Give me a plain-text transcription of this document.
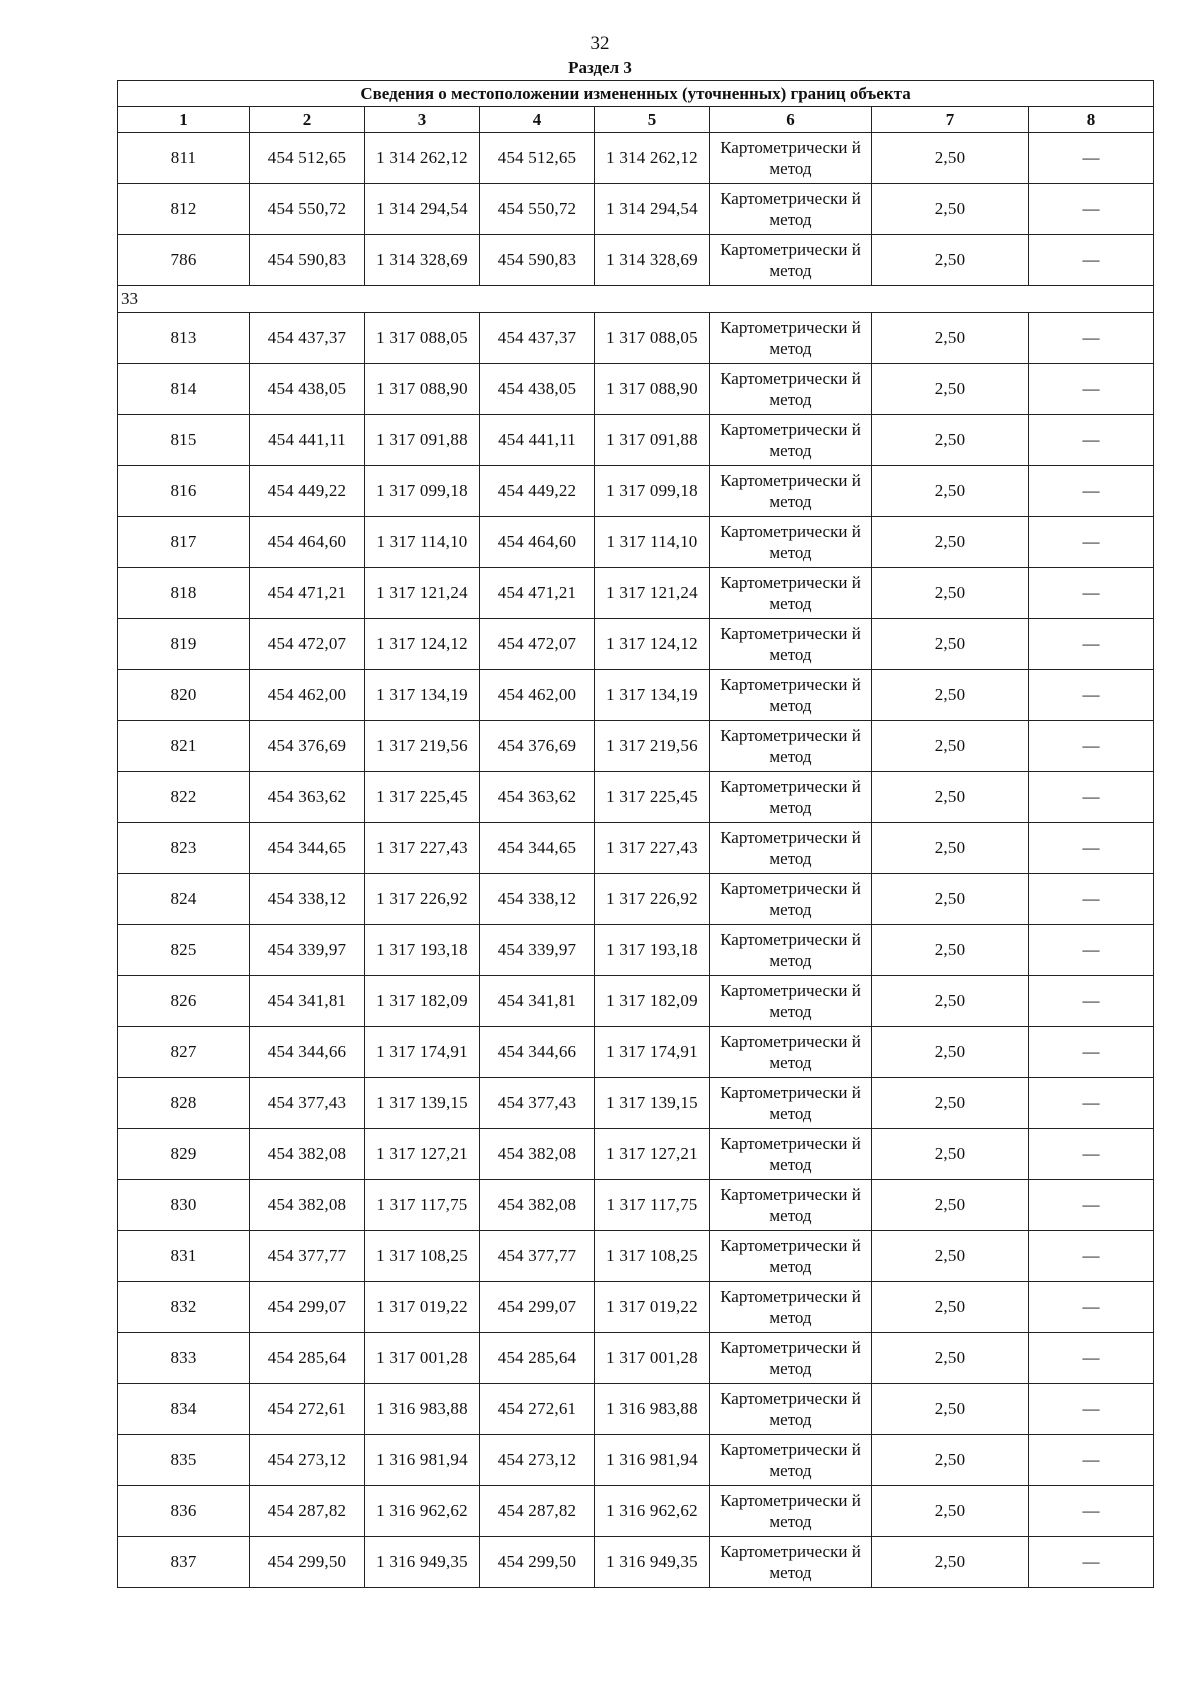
32
Раздел 3
Сведения о местоположении измененных (уточненных) границ объекта							
1	2	3	4	5	6	7	8
811	454 512,65	1 314 262,12	454 512,65	1 314 262,12	Картометрически й метод	2,50	—
812	454 550,72	1 314 294,54	454 550,72	1 314 294,54	Картометрически й метод	2,50	—
786	454 590,83	1 314 328,69	454 590,83	1 314 328,69	Картометрически й метод	2,50	—
33							
813	454 437,37	1 317 088,05	454 437,37	1 317 088,05	Картометрически й метод	2,50	—
814	454 438,05	1 317 088,90	454 438,05	1 317 088,90	Картометрически й метод	2,50	—
815	454 441,11	1 317 091,88	454 441,11	1 317 091,88	Картометрически й метод	2,50	—
816	454 449,22	1 317 099,18	454 449,22	1 317 099,18	Картометрически й метод	2,50	—
817	454 464,60	1 317 114,10	454 464,60	1 317 114,10	Картометрически й метод	2,50	—
818	454 471,21	1 317 121,24	454 471,21	1 317 121,24	Картометрически й метод	2,50	—
819	454 472,07	1 317 124,12	454 472,07	1 317 124,12	Картометрически й метод	2,50	—
820	454 462,00	1 317 134,19	454 462,00	1 317 134,19	Картометрически й метод	2,50	—
821	454 376,69	1 317 219,56	454 376,69	1 317 219,56	Картометрически й метод	2,50	—
822	454 363,62	1 317 225,45	454 363,62	1 317 225,45	Картометрически й метод	2,50	—
823	454 344,65	1 317 227,43	454 344,65	1 317 227,43	Картометрически й метод	2,50	—
824	454 338,12	1 317 226,92	454 338,12	1 317 226,92	Картометрически й метод	2,50	—
825	454 339,97	1 317 193,18	454 339,97	1 317 193,18	Картометрически й метод	2,50	—
826	454 341,81	1 317 182,09	454 341,81	1 317 182,09	Картометрически й метод	2,50	—
827	454 344,66	1 317 174,91	454 344,66	1 317 174,91	Картометрически й метод	2,50	—
828	454 377,43	1 317 139,15	454 377,43	1 317 139,15	Картометрически й метод	2,50	—
829	454 382,08	1 317 127,21	454 382,08	1 317 127,21	Картометрически й метод	2,50	—
830	454 382,08	1 317 117,75	454 382,08	1 317 117,75	Картометрически й метод	2,50	—
831	454 377,77	1 317 108,25	454 377,77	1 317 108,25	Картометрически й метод	2,50	—
832	454 299,07	1 317 019,22	454 299,07	1 317 019,22	Картометрически й метод	2,50	—
833	454 285,64	1 317 001,28	454 285,64	1 317 001,28	Картометрически й метод	2,50	—
834	454 272,61	1 316 983,88	454 272,61	1 316 983,88	Картометрически й метод	2,50	—
835	454 273,12	1 316 981,94	454 273,12	1 316 981,94	Картометрически й метод	2,50	—
836	454 287,82	1 316 962,62	454 287,82	1 316 962,62	Картометрически й метод	2,50	—
837	454 299,50	1 316 949,35	454 299,50	1 316 949,35	Картометрически й метод	2,50	—
